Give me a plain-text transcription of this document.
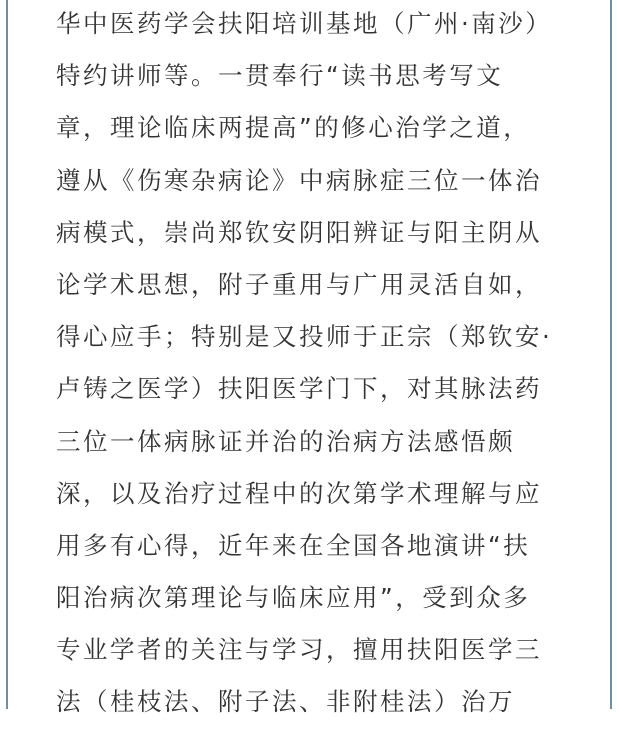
华中医药学会扶阳培训基地（广州·南沙）

特约讲师等。一贯奉行“读书思考写文

章，理论临床两提高”的修心治学之道，

遵从《伤寒杂病论》中病脉症三位一体治

病模式，崇尚郑钦安阴阳辨证与阳主阴从

论学术思想，附子重用与广用灵活自如，

得心应手；特别是又投师于正宗（郑钦安·

卢铸之医学）扶阳医学门下，对其脉法药

三位一体病脉证并治的治病方法感悟颇

深，以及治疗过程中的次第学术理解与应

用多有心得，近年来在全国各地演讲“扶

阳治病次第理论与临床应用”，受到众多

专业学者的关注与学习，擅用扶阳医学三

法（桂枝法、附子法、非附桂法）治万
